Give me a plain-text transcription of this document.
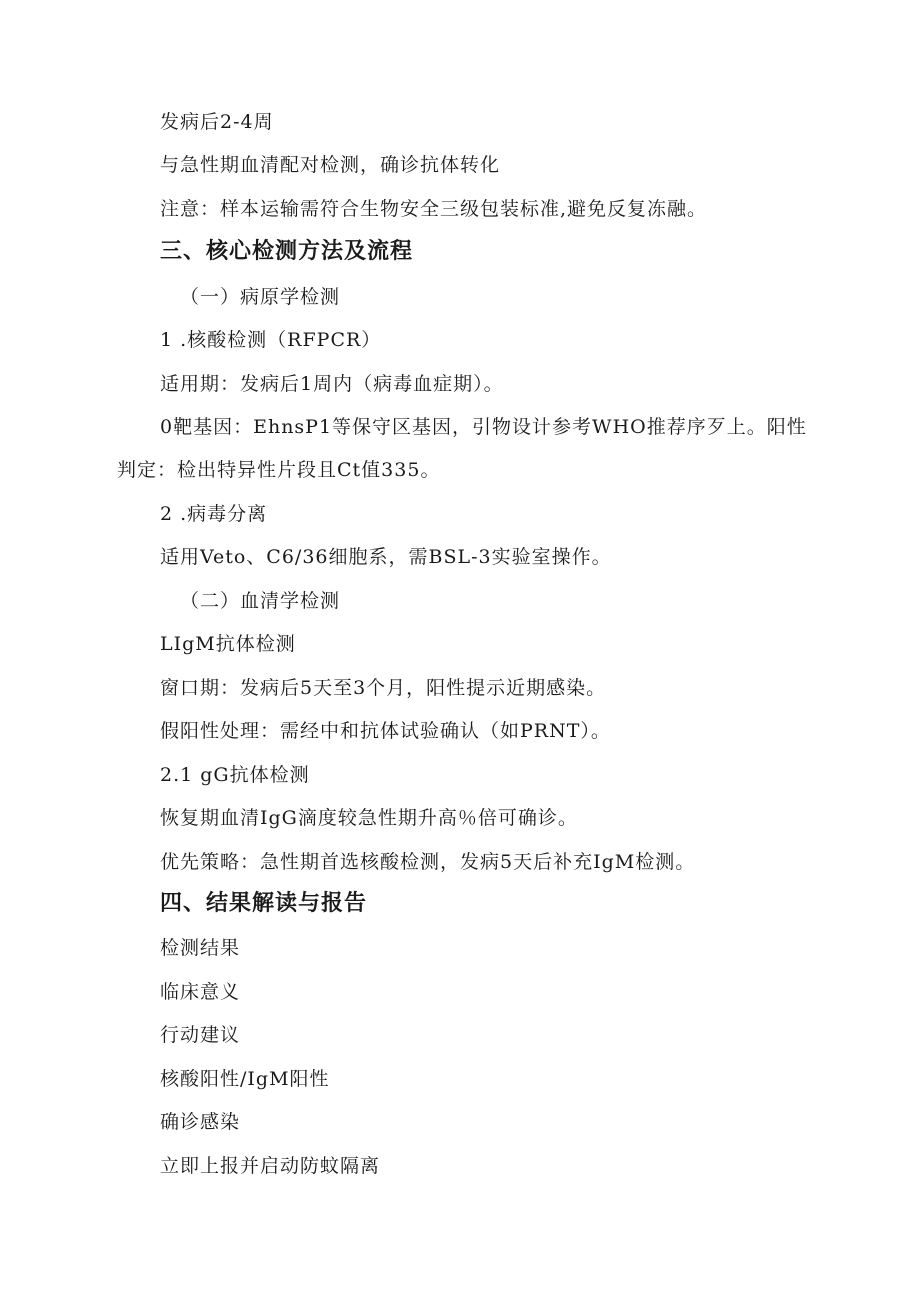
发病后2-4周
与急性期血清配对检测，确诊抗体转化
注意：样本运输需符合生物安全三级包装标准,避免反复冻融。
三、核心检测方法及流程
（一）病原学检测
1 .核酸检测（RFPCR）
适用期：发病后1周内（病毒血症期）。
0靶基因：EhnsP1等保守区基因，引物设计参考WHO推荐序歹上。阳性
判定：检出特异性片段且Ct值335。
2 .病毒分离
适用Veto、C6/36细胞系，需BSL-3实验室操作。
（二）血清学检测
LIgM抗体检测
窗口期：发病后5天至3个月，阳性提示近期感染。
假阳性处理：需经中和抗体试验确认（如PRNT）。
2.1 gG抗体检测
恢复期血清IgG滴度较急性期升高％倍可确诊。
优先策略：急性期首选核酸检测，发病5天后补充IgM检测。
四、结果解读与报告
检测结果
临床意义
行动建议
核酸阳性/IgM阳性
确诊感染
立即上报并启动防蚊隔离
